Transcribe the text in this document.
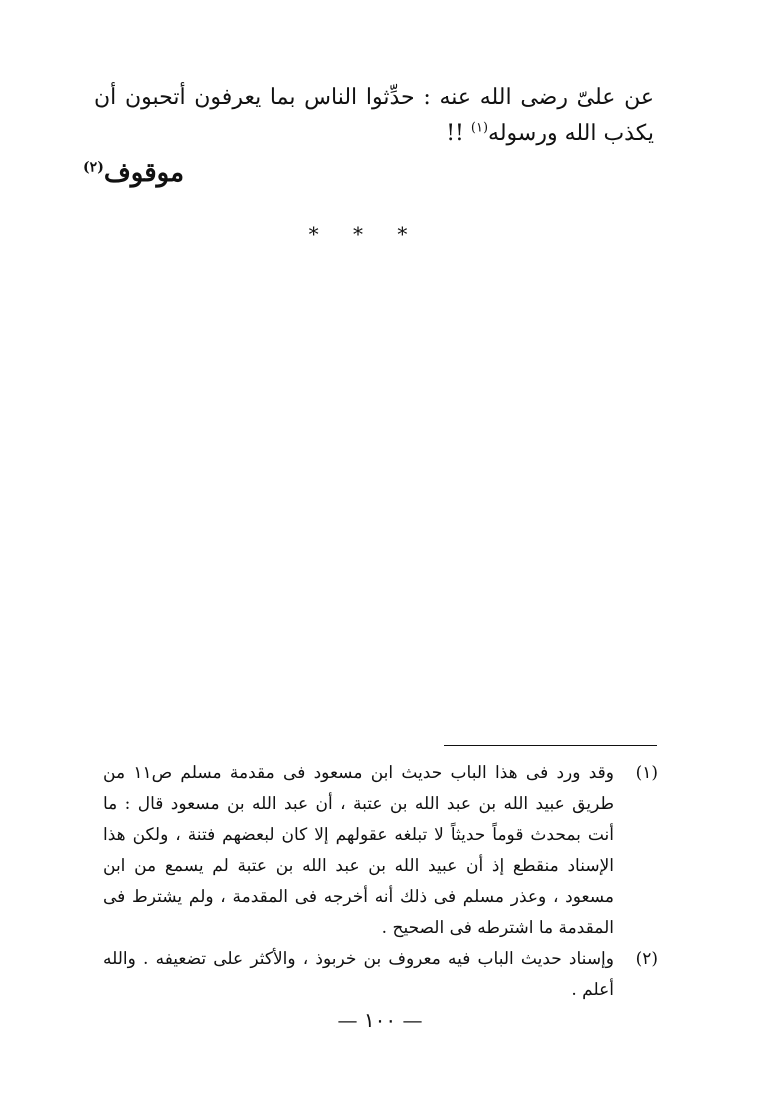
عن علىّ رضى الله عنه : حدِّثوا الناس بما يعرفون أتحبون أن يكذب الله ورسوله$^{(١)}$ !!

موقوف$^{(٢)}$
* * *

(١)
وقد ورد فى هذا الباب حديث ابن مسعود فى مقدمة مسلم ص١١ من طريق عبيد الله بن عبد الله بن عتبة ، أن عبد الله بن مسعود قال : ما أنت بمحدث قوماً حديثاً لا تبلغه عقولهم إلا كان لبعضهم فتنة ، ولكن هذا الإسناد منقطع إذ أن عبيد الله بن عبد الله بن عتبة لم يسمع من ابن مسعود ، وعذر مسلم فى ذلك أنه أخرجه فى المقدمة ، ولم يشترط فى المقدمة ما اشترطه فى الصحيح .

(٢)
وإسناد حديث الباب فيه معروف بن خربوذ ، والأكثر على تضعيفه . والله أعلم .

— ١٠٠ —
